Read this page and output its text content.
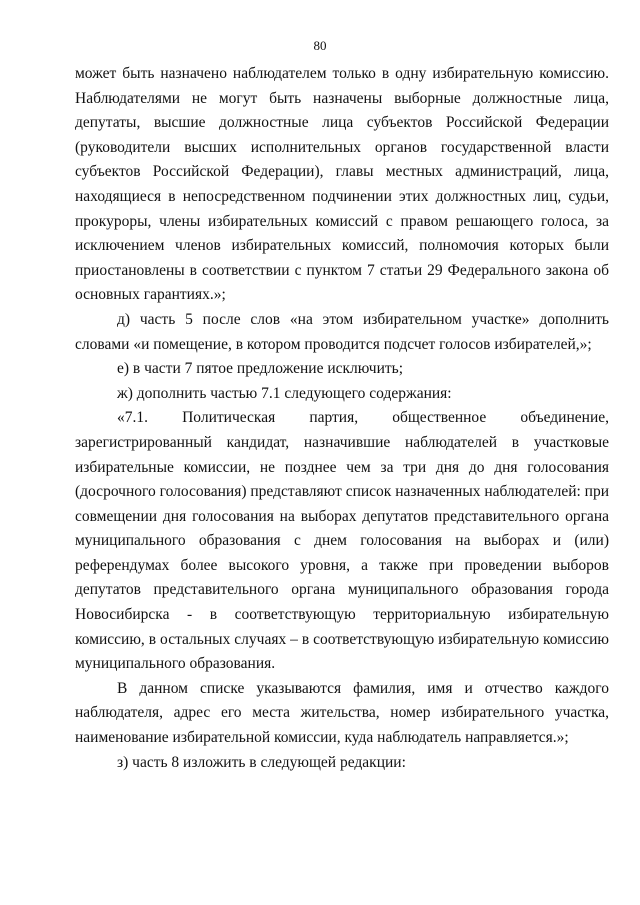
80

может быть назначено наблюдателем только в одну избирательную комиссию. Наблюдателями не могут быть назначены выборные должностные лица, депутаты, высшие должностные лица субъектов Российской Федерации (руководители высших исполнительных органов государственной власти субъектов Российской Федерации), главы местных администраций, лица, находящиеся в непосредственном подчинении этих должностных лиц, судьи, прокуроры, члены избирательных комиссий с правом решающего голоса, за исключением членов избирательных комиссий, полномочия которых были приостановлены в соответствии с пунктом 7 статьи 29 Федерального закона об основных гарантиях.»;

д) часть 5 после слов «на этом избирательном участке» дополнить словами «и помещение, в котором проводится подсчет голосов избирателей,»;

е) в части 7 пятое предложение исключить;

ж) дополнить частью 7.1 следующего содержания:

«7.1. Политическая партия, общественное объединение, зарегистрированный кандидат, назначившие наблюдателей в участковые избирательные комиссии, не позднее чем за три дня до дня голосования (досрочного голосования) представляют список назначенных наблюдателей: при совмещении дня голосования на выборах депутатов представительного органа муниципального образования с днем голосования на выборах и (или) референдумах более высокого уровня, а также при проведении выборов депутатов представительного органа муниципального образования города Новосибирска - в соответствующую территориальную избирательную комиссию, в остальных случаях – в соответствующую избирательную комиссию муниципального образования.

В данном списке указываются фамилия, имя и отчество каждого наблюдателя, адрес его места жительства, номер избирательного участка, наименование избирательной комиссии, куда наблюдатель направляется.»;

з) часть 8 изложить в следующей редакции:
